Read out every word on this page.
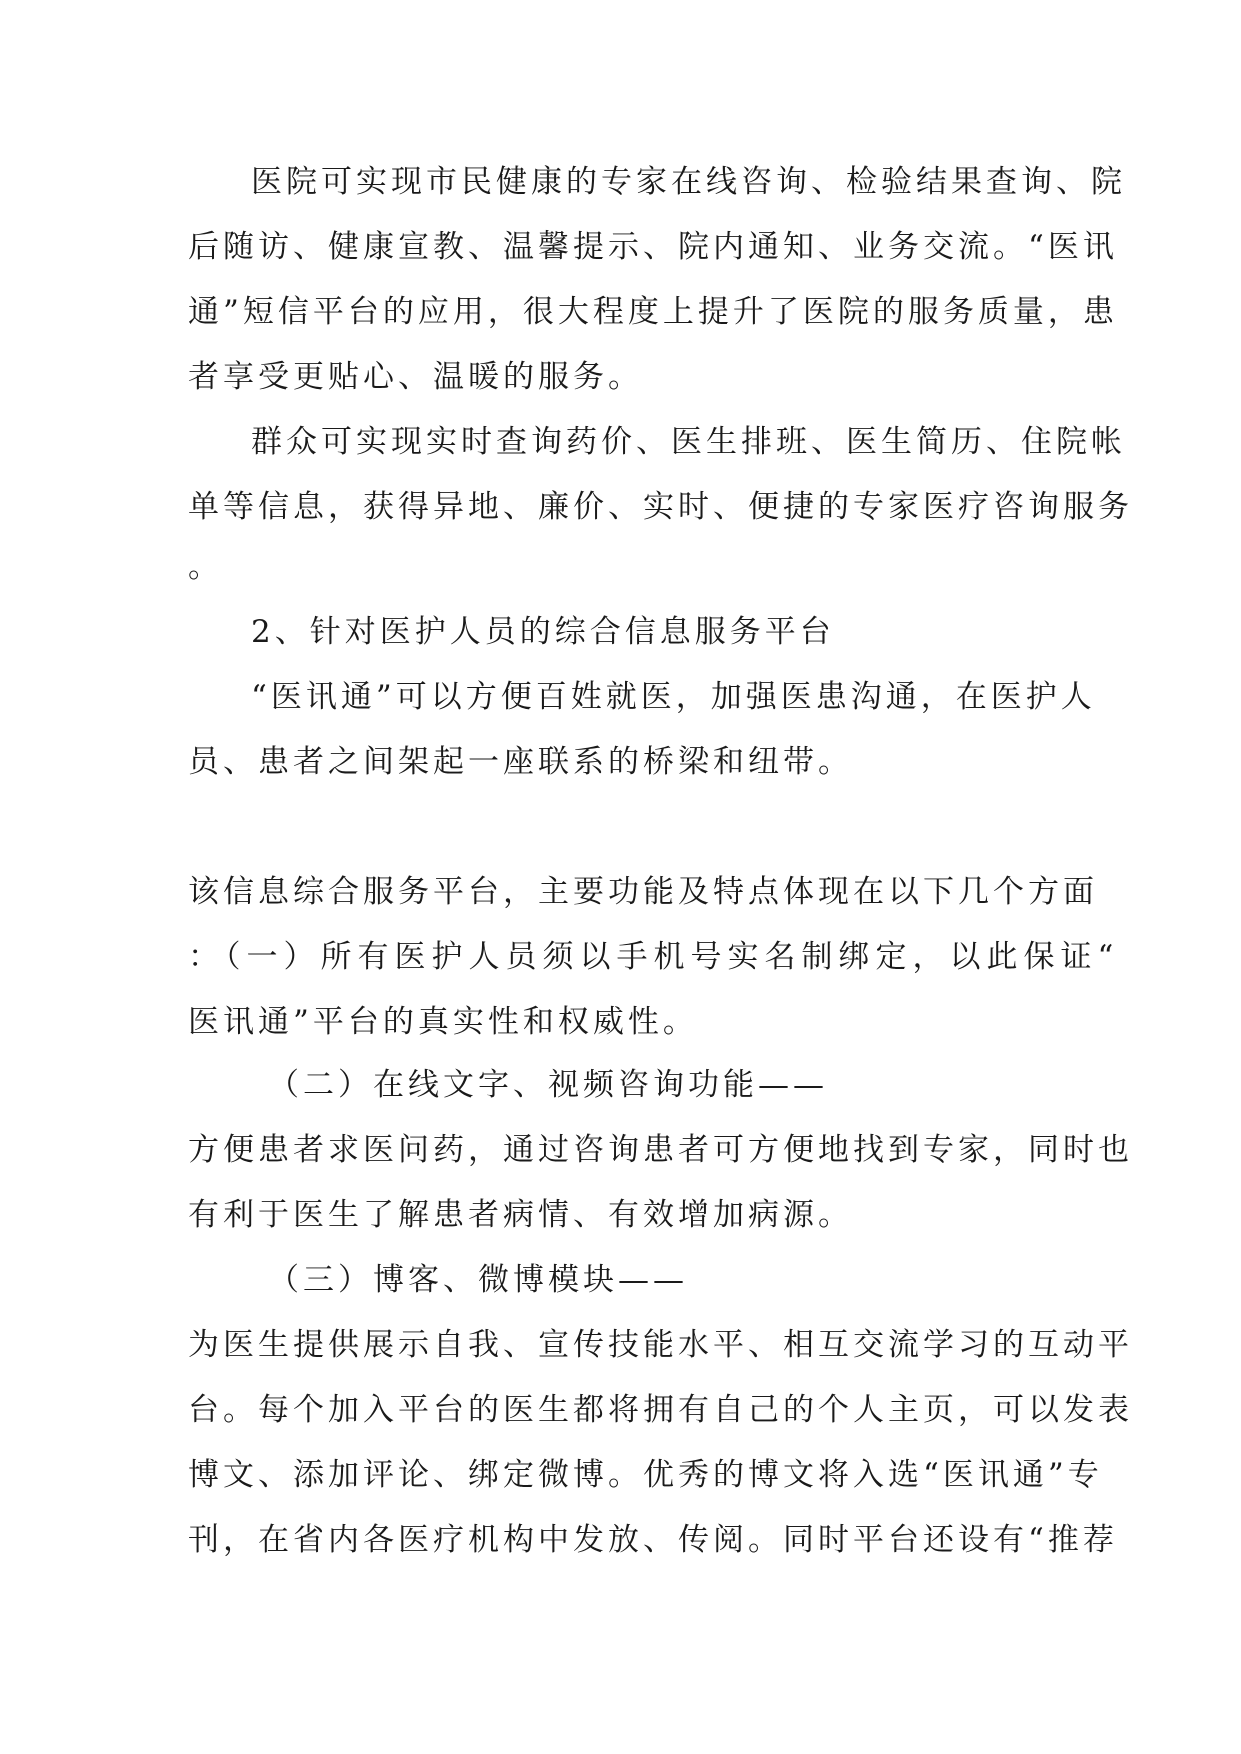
医院可实现市民健康的专家在线咨询、检验结果查询、院
后随访、健康宣教、温馨提示、院内通知、业务交流。“医讯
通”短信平台的应用，很大程度上提升了医院的服务质量，患
者享受更贴心、温暖的服务。
群众可实现实时查询药价、医生排班、医生简历、住院帐
单等信息，获得异地、廉价、实时、便捷的专家医疗咨询服务
。
2、针对医护人员的综合信息服务平台
“医讯通”可以方便百姓就医，加强医患沟通，在医护人
员、患者之间架起一座联系的桥梁和纽带。
该信息综合服务平台，主要功能及特点体现在以下几个方面
：（一）所有医护人员须以手机号实名制绑定，以此保证“
医讯通”平台的真实性和权威性。
（二）在线文字、视频咨询功能——
方便患者求医问药，通过咨询患者可方便地找到专家，同时也
有利于医生了解患者病情、有效增加病源。
（三）博客、微博模块——
为医生提供展示自我、宣传技能水平、相互交流学习的互动平
台。每个加入平台的医生都将拥有自己的个人主页，可以发表
博文、添加评论、绑定微博。优秀的博文将入选“医讯通”专
刊，在省内各医疗机构中发放、传阅。同时平台还设有“推荐
